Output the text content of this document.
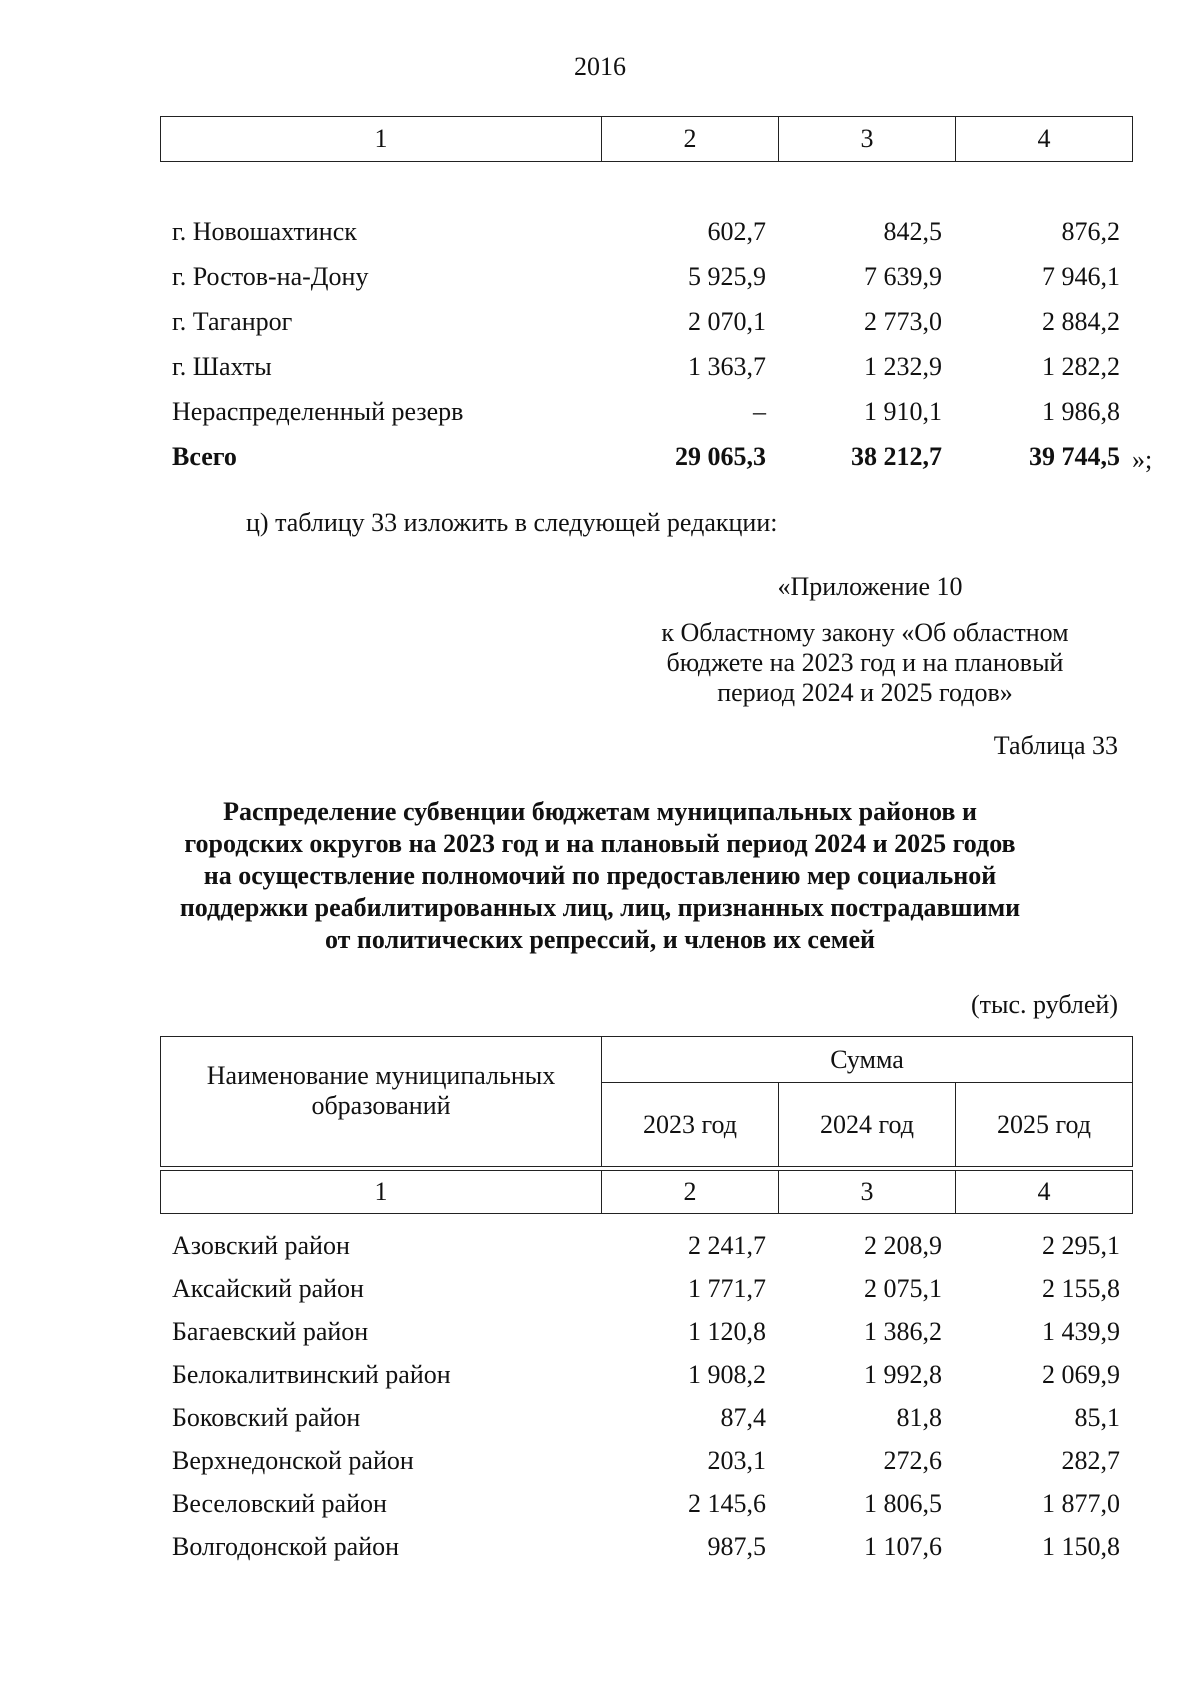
2016
1	2	3	4
г. Новошахтинск	602,7	842,5	876,2
г. Ростов-на-Дону	5 925,9	7 639,9	7 946,1
г. Таганрог	2 070,1	2 773,0	2 884,2
г. Шахты	1 363,7	1 232,9	1 282,2
Нераспределенный резерв	–	1 910,1	1 986,8
Всего	29 065,3	38 212,7	39 744,5 »;
ц) таблицу 33 изложить в следующей редакции:
«Приложение 10
к Областному закону «Об областном
бюджете на 2023 год и на плановый
период 2024 и 2025 годов»
Таблица 33
Распределение субвенции бюджетам муниципальных районов и
городских округов на 2023 год и на плановый период 2024 и 2025 годов
на осуществление полномочий по предоставлению мер социальной
поддержки реабилитированных лиц, лиц, признанных пострадавшими
от политических репрессий, и членов их семей
(тыс. рублей)
Наименование муниципальных
образований	Сумма		
	2023 год	2024 год	2025 год
1	2	3	4
Азовский район	2 241,7	2 208,9	2 295,1
Аксайский район	1 771,7	2 075,1	2 155,8
Багаевский район	1 120,8	1 386,2	1 439,9
Белокалитвинский район	1 908,2	1 992,8	2 069,9
Боковский район	87,4	81,8	85,1
Верхнедонской район	203,1	272,6	282,7
Веселовский район	2 145,6	1 806,5	1 877,0
Волгодонской район	987,5	1 107,6	1 150,8
